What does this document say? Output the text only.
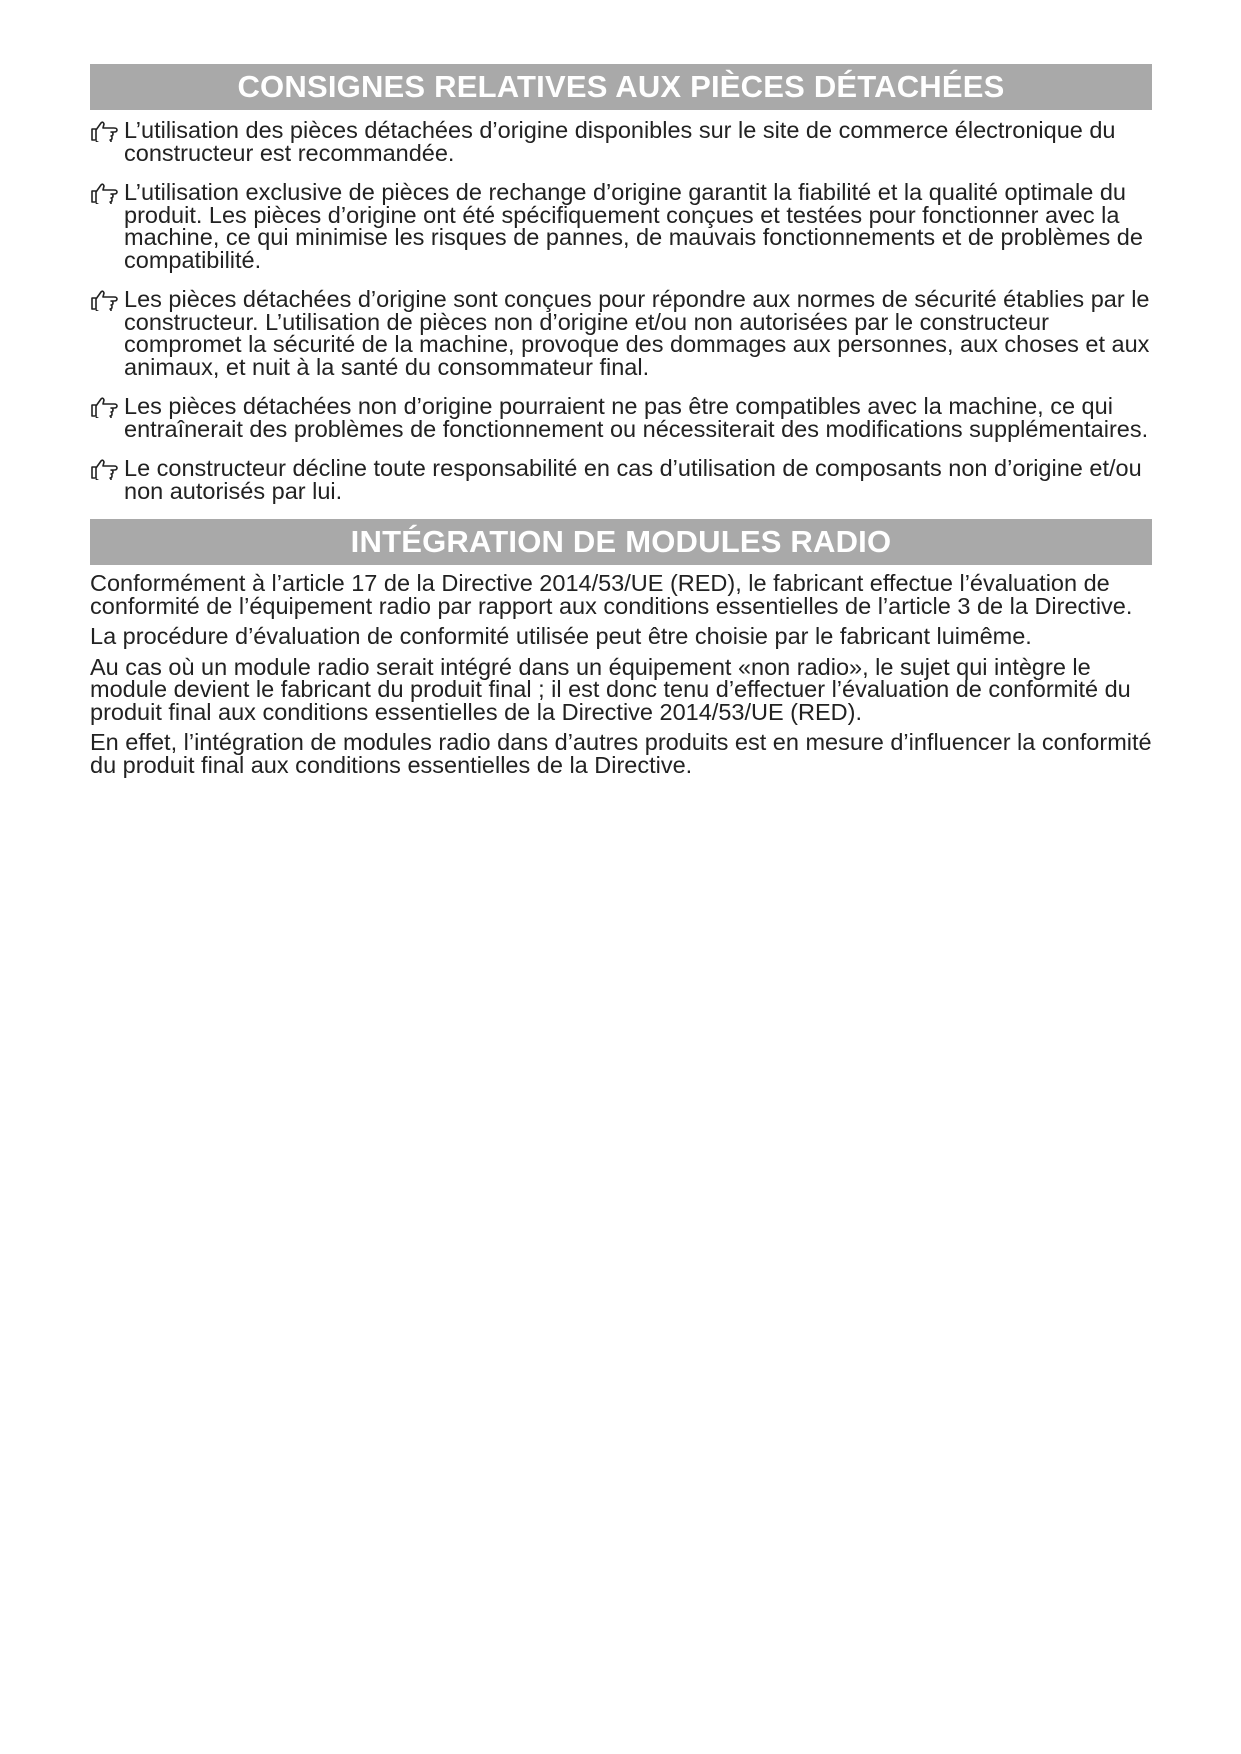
CONSIGNES RELATIVES AUX PIÈCES DÉTACHÉES
L’utilisation des pièces détachées d’origine disponibles sur le site de commerce électronique du constructeur est recommandée.
L’utilisation exclusive de pièces de rechange d’origine garantit la fiabilité et la qualité optimale du produit. Les pièces d’origine ont été spécifiquement conçues et testées pour fonctionner avec la machine, ce qui minimise les risques de pannes, de mauvais fonctionnements et de problèmes de compatibilité.
Les pièces détachées d’origine sont conçues pour répondre aux normes de sécurité établies par le constructeur. L’utilisation de pièces non d’origine et/ou non autorisées par le constructeur compromet la sécurité de la machine, provoque des dommages aux personnes, aux choses et aux animaux, et nuit à la santé du consommateur final.
Les pièces détachées non d’origine pourraient ne pas être compatibles avec la machine, ce qui entraînerait des problèmes de fonctionnement ou nécessiterait des modifications supplémentaires.
Le constructeur décline toute responsabilité en cas d’utilisation de composants non d’origine et/ou non autorisés par lui.
INTÉGRATION DE MODULES RADIO

Conformément à l’article 17 de la Directive 2014/53/UE (RED), le fabricant effectue l’évaluation de conformité de l’équipement radio par rapport aux conditions essentielles de l’article 3 de la Directive.

La procédure d’évaluation de conformité utilisée peut être choisie par le fabricant luimême.

Au cas où un module radio serait intégré dans un équipement «non radio», le sujet qui intègre le module devient le fabricant du produit final ; il est donc tenu d’effectuer l’évaluation de conformité du produit final aux conditions essentielles de la Directive 2014/53/UE (RED).

En effet, l’intégration de modules radio dans d’autres produits est en mesure d’influencer la conformité du produit final aux conditions essentielles de la Directive.
